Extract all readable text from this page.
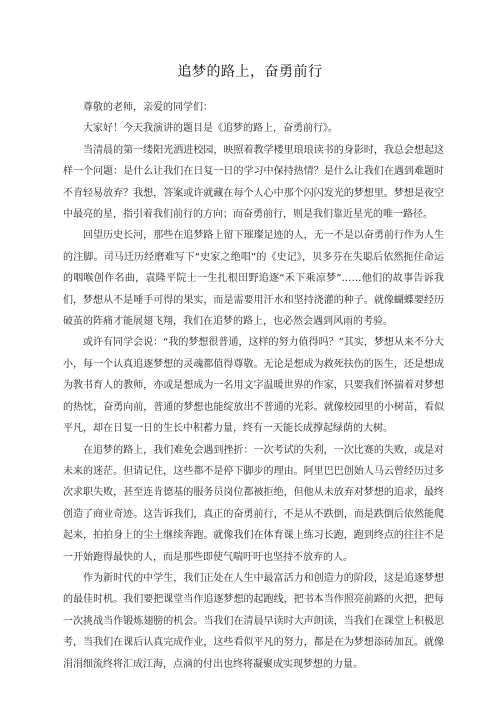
追梦的路上，奋勇前行

尊敬的老师，亲爱的同学们：

大家好！今天我演讲的题目是《追梦的路上，奋勇前行》。

当清晨的第一缕阳光洒进校园，映照着教学楼里琅琅读书的身影时，我总会想起这样一个问题：是什么让我们在日复一日的学习中保持热情？是什么让我们在遇到难题时不肯轻易放弃？我想，答案或许就藏在每个人心中那个闪闪发光的梦想里。梦想是夜空中最亮的星，指引着我们前行的方向；而奋勇前行，则是我们靠近星光的唯一路径。

回望历史长河，那些在追梦路上留下璀璨足迹的人，无一不是以奋勇前行作为人生的注脚。司马迁历经磨难写下“史家之绝唱”的《史记》，贝多芬在失聪后依然扼住命运的咽喉创作名曲，袁隆平院士一生扎根田野追逐“禾下乘凉梦”……他们的故事告诉我们，梦想从不是唾手可得的果实，而是需要用汗水和坚持浇灌的种子。就像蝴蝶要经历破茧的阵痛才能展翅飞翔，我们在追梦的路上，也必然会遇到风雨的考验。

或许有同学会说：“我的梦想很普通，这样的努力值得吗？”其实，梦想从来不分大小，每一个认真追逐梦想的灵魂都值得尊敬。无论是想成为救死扶伤的医生，还是想成为教书育人的教师，亦或是想成为一名用文字温暖世界的作家，只要我们怀揣着对梦想的热忱，奋勇向前，普通的梦想也能绽放出不普通的光彩。就像校园里的小树苗，看似平凡，却在日复一日的生长中积蓄力量，终有一天能长成撑起绿荫的大树。

在追梦的路上，我们难免会遇到挫折：一次考试的失利，一次比赛的失败，或是对未来的迷茫。但请记住，这些都不是停下脚步的理由。阿里巴巴创始人马云曾经历过多次求职失败，甚至连肯德基的服务员岗位都被拒绝，但他从未放弃对梦想的追求，最终创造了商业奇迹。这告诉我们，真正的奋勇前行，不是从不跌倒，而是跌倒后依然能爬起来，拍拍身上的尘土继续奔跑。就像我们在体育课上练习长跑，跑到终点的往往不是一开始跑得最快的人，而是那些即使气喘吁吁也坚持不放弃的人。

作为新时代的中学生，我们正处在人生中最富活力和创造力的阶段，这是追逐梦想的最佳时机。我们要把课堂当作追逐梦想的起跑线，把书本当作照亮前路的火把，把每一次挑战当作锻炼翅膀的机会。当我们在清晨早读时大声朗读，当我们在课堂上积极思考，当我们在课后认真完成作业，这些看似平凡的努力，都是在为梦想添砖加瓦。就像涓涓细流终将汇成江海，点滴的付出也终将凝聚成实现梦想的力量。
